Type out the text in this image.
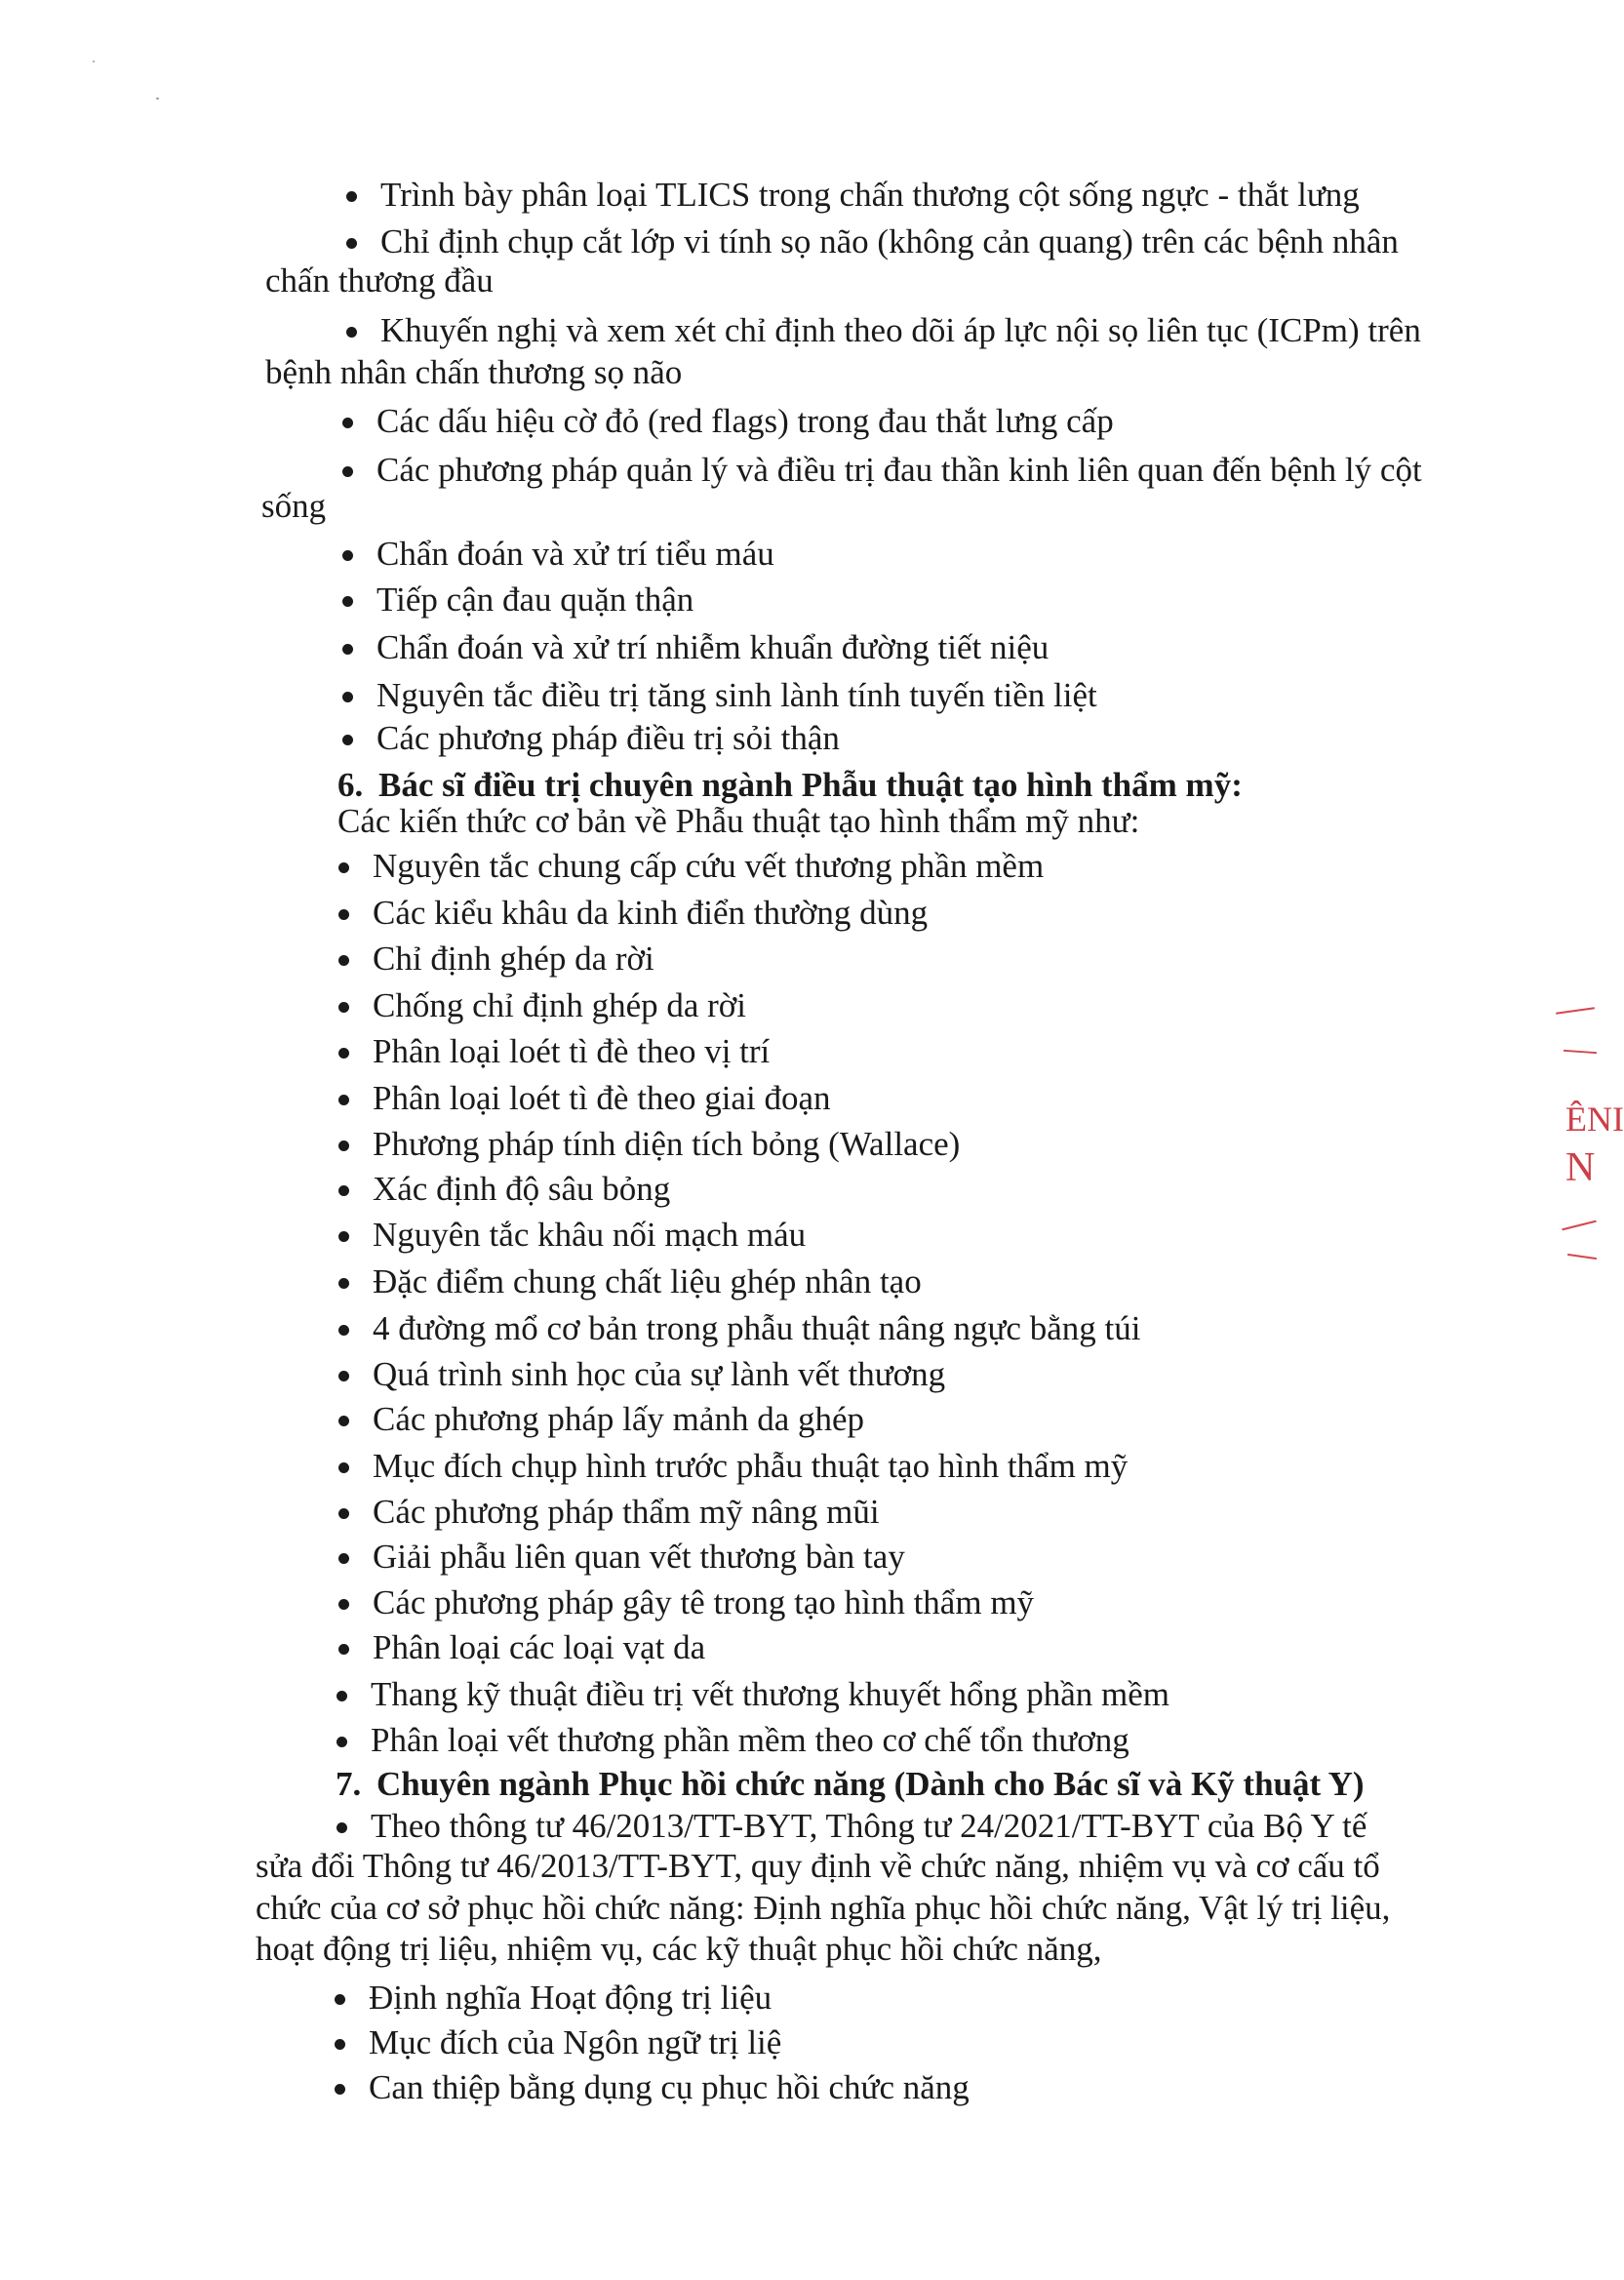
Trình bày phân loại TLICS trong chấn thương cột sống ngực - thắt lưng
Chỉ định chụp cắt lớp vi tính sọ não (không cản quang) trên các bệnh nhân
chấn thương đầu
Khuyến nghị và xem xét chỉ định theo dõi áp lực nội sọ liên tục (ICPm) trên
bệnh nhân chấn thương sọ não
Các dấu hiệu cờ đỏ (red flags) trong đau thắt lưng cấp
Các phương pháp quản lý và điều trị đau thần kinh liên quan đến bệnh lý cột
sống
Chẩn đoán và xử trí tiểu máu
Tiếp cận đau quặn thận
Chẩn đoán và xử trí nhiễm khuẩn đường tiết niệu
Nguyên tắc điều trị tăng sinh lành tính tuyến tiền liệt
Các phương pháp điều trị sỏi thận
6. Bác sĩ điều trị chuyên ngành Phẫu thuật tạo hình thẩm mỹ:
Các kiến thức cơ bản về Phẫu thuật tạo hình thẩm mỹ như:
Nguyên tắc chung cấp cứu vết thương phần mềm
Các kiểu khâu da kinh điển thường dùng
Chỉ định ghép da rời
Chống chỉ định ghép da rời
Phân loại loét tì đè theo vị trí
Phân loại loét tì đè theo giai đoạn
Phương pháp tính diện tích bỏng (Wallace)
Xác định độ sâu bỏng
Nguyên tắc khâu nối mạch máu
Đặc điểm chung chất liệu ghép nhân tạo
4 đường mổ cơ bản trong phẫu thuật nâng ngực bằng túi
Quá trình sinh học của sự lành vết thương
Các phương pháp lấy mảnh da ghép
Mục đích chụp hình trước phẫu thuật tạo hình thẩm mỹ
Các phương pháp thẩm mỹ nâng mũi
Giải phẫu liên quan vết thương bàn tay
Các phương pháp gây tê trong tạo hình thẩm mỹ
Phân loại các loại vạt da
Thang kỹ thuật điều trị vết thương khuyết hổng phần mềm
Phân loại vết thương phần mềm theo cơ chế tổn thương
7. Chuyên ngành Phục hồi chức năng (Dành cho Bác sĩ và Kỹ thuật Y)
Theo thông tư 46/2013/TT-BYT, Thông tư 24/2021/TT-BYT của Bộ Y tế
sửa đổi Thông tư 46/2013/TT-BYT, quy định về chức năng, nhiệm vụ và cơ cấu tổ
chức của cơ sở phục hồi chức năng: Định nghĩa phục hồi chức năng, Vật lý trị liệu,
hoạt động trị liệu, nhiệm vụ, các kỹ thuật phục hồi chức năng,
Định nghĩa Hoạt động trị liệu
Mục đích của Ngôn ngữ trị liệ
Can thiệp bằng dụng cụ phục hồi chức năng
ÊNI
N
